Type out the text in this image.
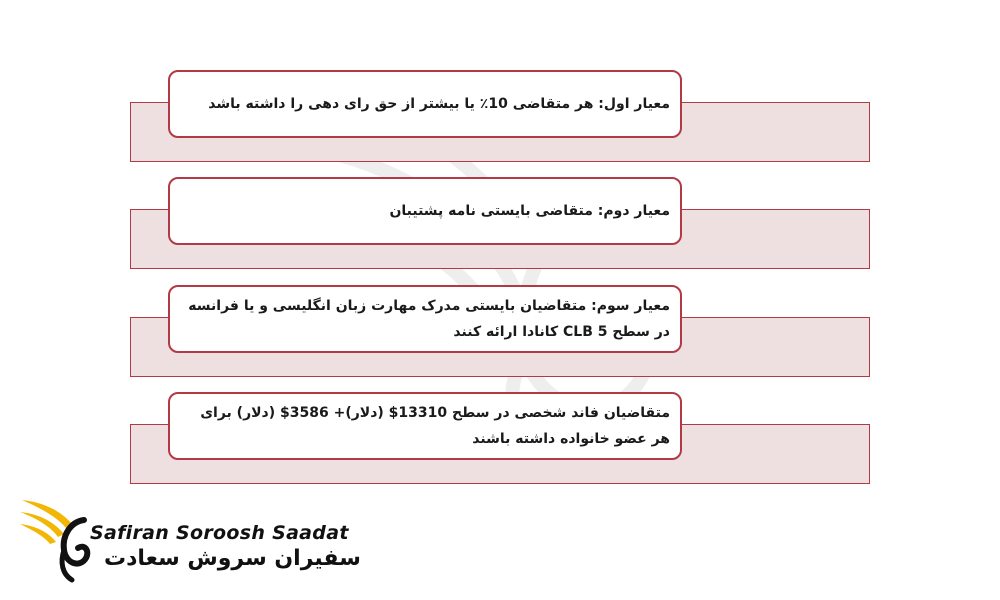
معیار اول: هر متقاضی 10٪ یا بیشتر از حق رای دهی را داشته باشد
معیار دوم: متقاضی بایستی نامه پشتیبان
معیار سوم: متقاضیان بایستی مدرک مهارت زبان انگلیسی و یا فرانسه در سطح CLB 5 کانادا ارائه کنند
متقاضیان فاند شخصی در سطح 13310$ (دلار)+ 3586$ (دلار) برای هر عضو خانواده داشته باشند
Safiran Soroosh Saadat
سفیران سروش سعادت
